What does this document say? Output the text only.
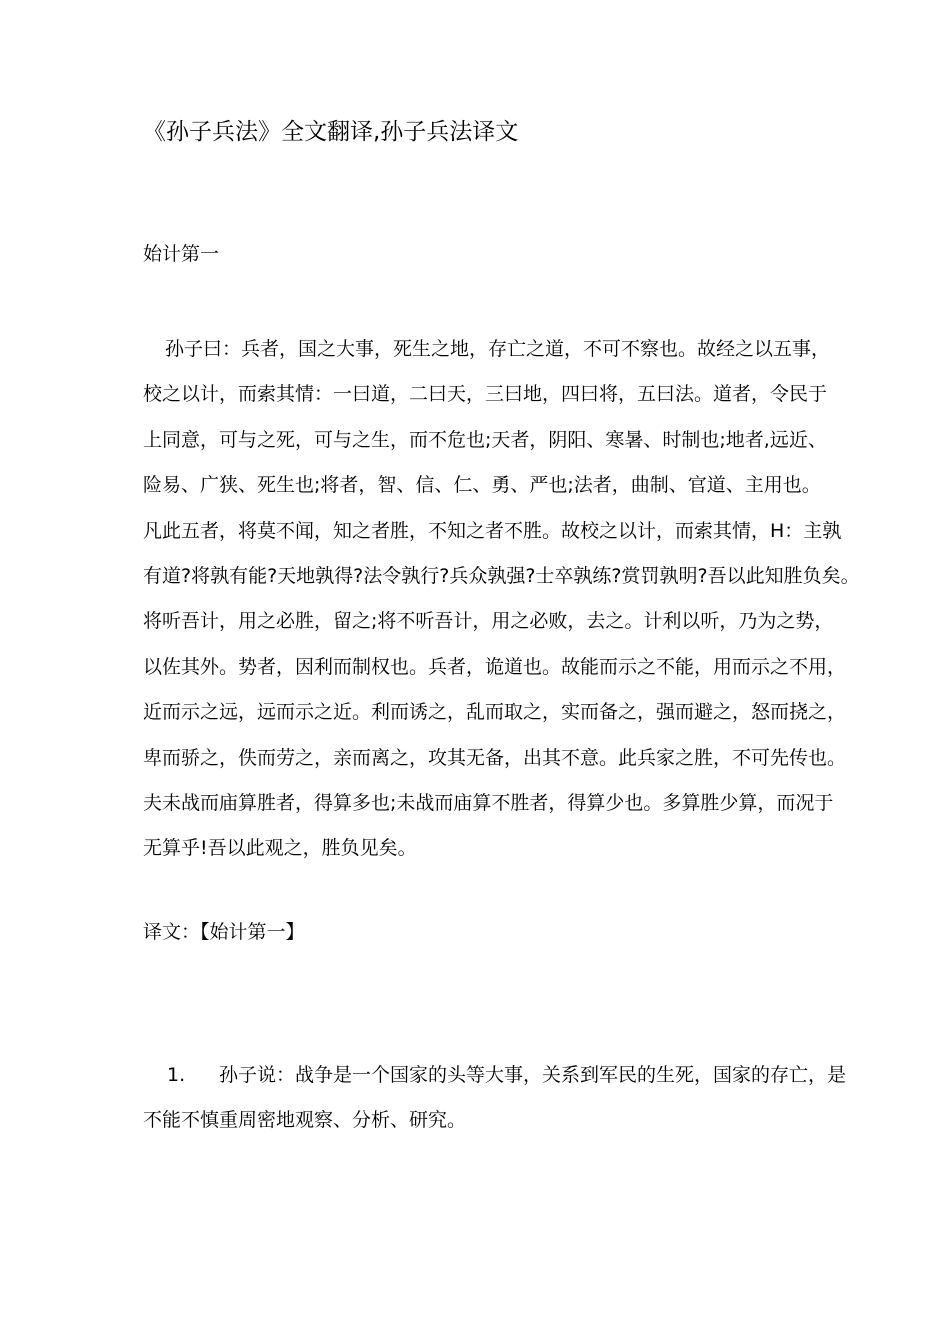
《孙子兵法》全文翻译,孙子兵法译文
始计第一
孙子曰：兵者，国之大事，死生之地，存亡之道，不可不察也。故经之以五事，
校之以计，而索其情：一曰道，二曰天，三曰地，四曰将，五曰法。道者，令民于
上同意，可与之死，可与之生，而不危也;天者，阴阳、寒暑、时制也;地者,远近、
险易、广狭、死生也;将者，智、信、仁、勇、严也;法者，曲制、官道、主用也。
凡此五者，将莫不闻，知之者胜，不知之者不胜。故校之以计，而索其情，H：主孰
有道?将孰有能?天地孰得?法令孰行?兵众孰强?士卒孰练?赏罚孰明?吾以此知胜负矣。
将听吾计，用之必胜，留之;将不听吾计，用之必败，去之。计利以听，乃为之势，
以佐其外。势者，因利而制权也。兵者，诡道也。故能而示之不能，用而示之不用，
近而示之远，远而示之近。利而诱之，乱而取之，实而备之，强而避之，怒而挠之，
卑而骄之，佚而劳之，亲而离之，攻其无备，出其不意。此兵家之胜，不可先传也。
夫未战而庙算胜者，得算多也;未战而庙算不胜者，得算少也。多算胜少算，而况于
无算乎!吾以此观之，胜负见矣。
译文：【始计第一】
1. 孙子说：战争是一个国家的头等大事，关系到军民的生死，国家的存亡，是
不能不慎重周密地观察、分析、研究。
